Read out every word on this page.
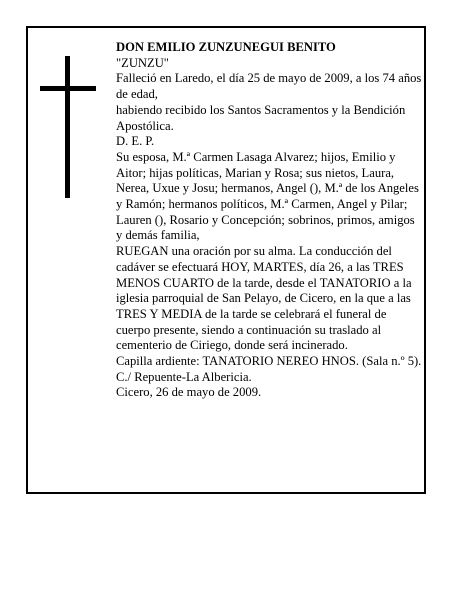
DON EMILIO ZUNZUNEGUI BENITO

"ZUNZU"

Falleció en Laredo, el día 25 de mayo de 2009, a los 74 años de edad,

habiendo recibido los Santos Sacramentos y la Bendición Apostólica.

D. E. P.

Su esposa, M.ª Carmen Lasaga Alvarez; hijos, Emilio y Aitor; hijas políticas, Marian y Rosa; sus nietos, Laura, Nerea, Uxue y Josu; hermanos, Angel (), M.ª de los Angeles y Ramón; hermanos políticos, M.ª Carmen, Angel y Pilar; Lauren (), Rosario y Concepción; sobrinos, primos, amigos y demás familia,

RUEGAN una oración por su alma. La conducción del cadáver se efectuará HOY, MARTES, día 26, a las TRES MENOS CUARTO de la tarde, desde el TANATORIO a la iglesia parroquial de San Pelayo, de Cicero, en la que a las TRES Y MEDIA de la tarde se celebrará el funeral de cuerpo presente, siendo a continuación su traslado al cementerio de Ciriego, donde será incinerado.

Capilla ardiente: TANATORIO NEREO HNOS. (Sala n.º 5). C./ Repuente-La Albericia.

Cicero, 26 de mayo de 2009.
